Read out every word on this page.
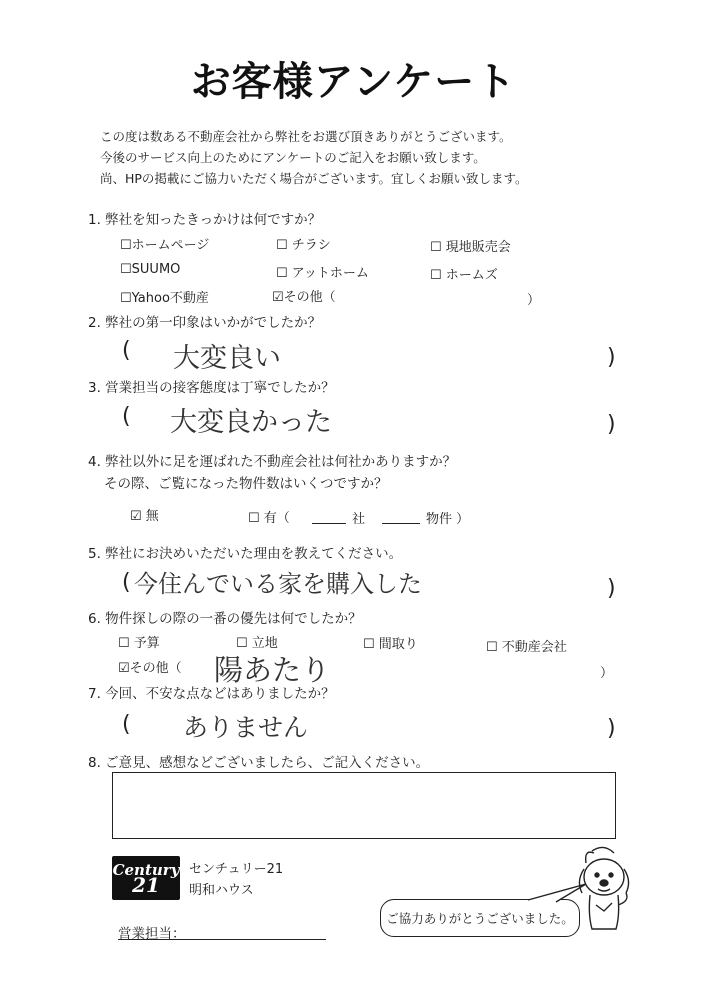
お客様アンケート
この度は数ある不動産会社から弊社をお選び頂きありがとうございます。
今後のサービス向上のためにアンケートのご記入をお願い致します。
尚、HPの掲載にご協力いただく場合がございます。宜しくお願い致します。
1. 弊社を知ったきっかけは何ですか？
☐ホームページ	☐ チラシ	☐ 現地販売会
☐SUUMO	☐ アットホーム	☐ ホームズ
☐Yahoo不動産	☑その他（	）
2. 弊社の第一印象はいかがでしたか？
( 大変良い	)
3. 営業担当の接客態度は丁寧でしたか？
( 大変良かった	)
4. 弊社以外に足を運ばれた不動産会社は何社かありますか？
その際、ご覧になった物件数はいくつですか？
☑ 無	☐ 有（	社	物件 ）
5. 弊社にお決めいただいた理由を教えてください。
( 今住んでいる家を購入した	)
6. 物件探しの際の一番の優先は何でしたか？
☐ 予算	☐ 立地	☐ 間取り	☐ 不動産会社
☑その他（ 陽あたり	）
7. 今回、不安な点などはありましたか？
( ありません	)
8. ご意見、感想などございましたら、ご記入ください。
Century
21
センチュリー21
明和ハウス
ご協力ありがとうございました。
営業担当：
